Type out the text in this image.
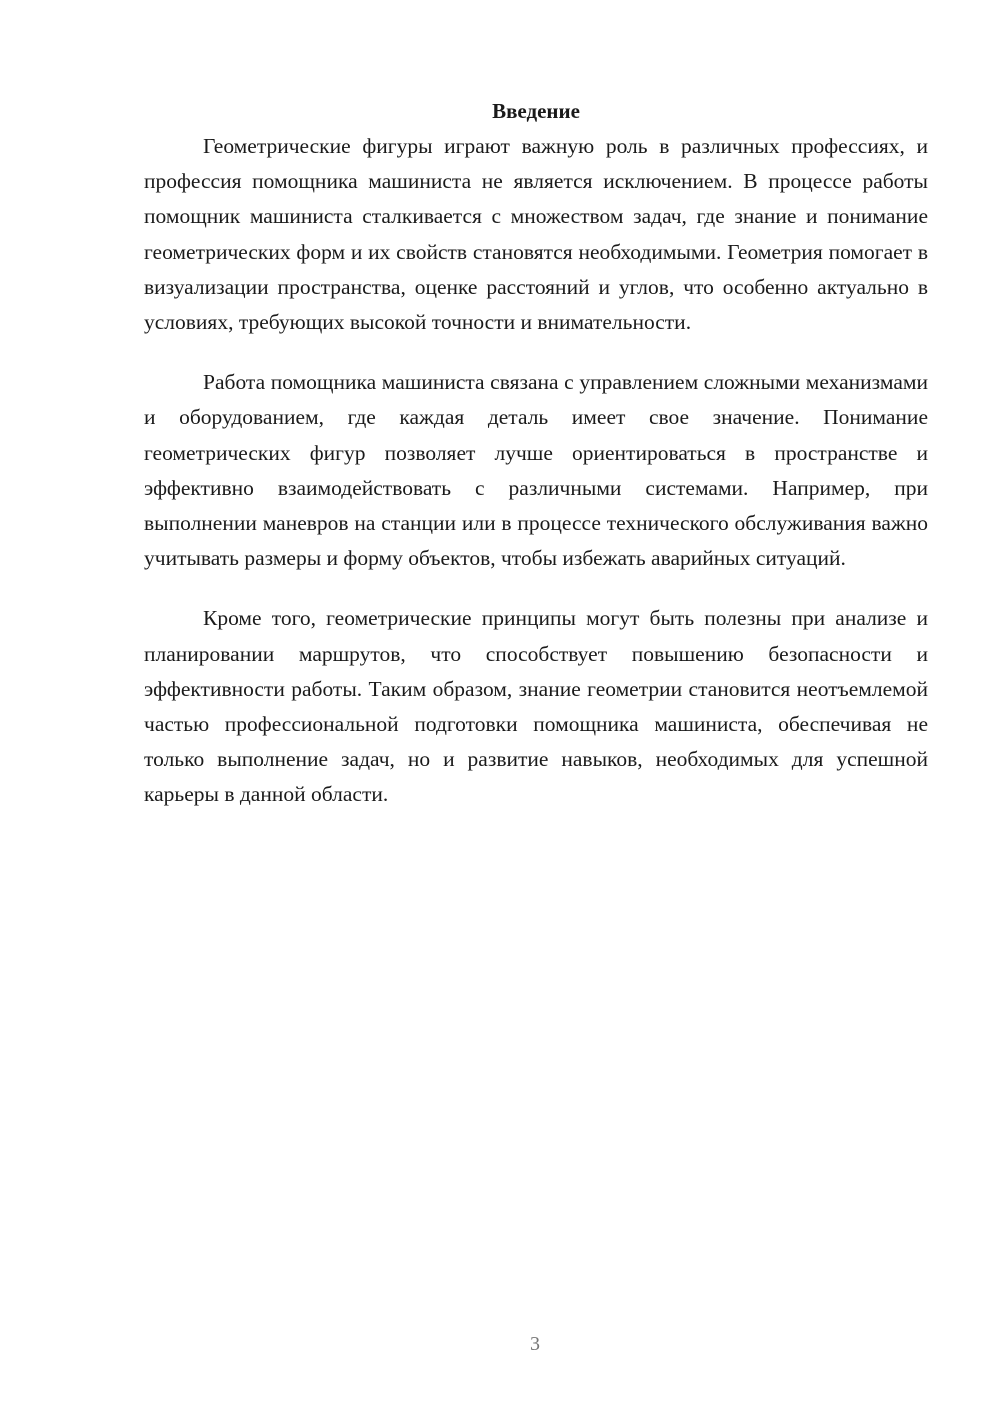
Введение

Геометрические фигуры играют важную роль в различных профессиях, и профессия помощника машиниста не является исключением. В процессе работы помощник машиниста сталкивается с множеством задач, где знание и понимание геометрических форм и их свойств становятся необходимыми. Геометрия помогает в визуализации пространства, оценке расстояний и углов, что особенно актуально в условиях, требующих высокой точности и внимательности.

Работа помощника машиниста связана с управлением сложными механизмами и оборудованием, где каждая деталь имеет свое значение. Понимание геометрических фигур позволяет лучше ориентироваться в пространстве и эффективно взаимодействовать с различными системами. Например, при выполнении маневров на станции или в процессе технического обслуживания важно учитывать размеры и форму объектов, чтобы избежать аварийных ситуаций.

Кроме того, геометрические принципы могут быть полезны при анализе и планировании маршрутов, что способствует повышению безопасности и эффективности работы. Таким образом, знание геометрии становится неотъемлемой частью профессиональной подготовки помощника машиниста, обеспечивая не только выполнение задач, но и развитие навыков, необходимых для успешной карьеры в данной области.

3
